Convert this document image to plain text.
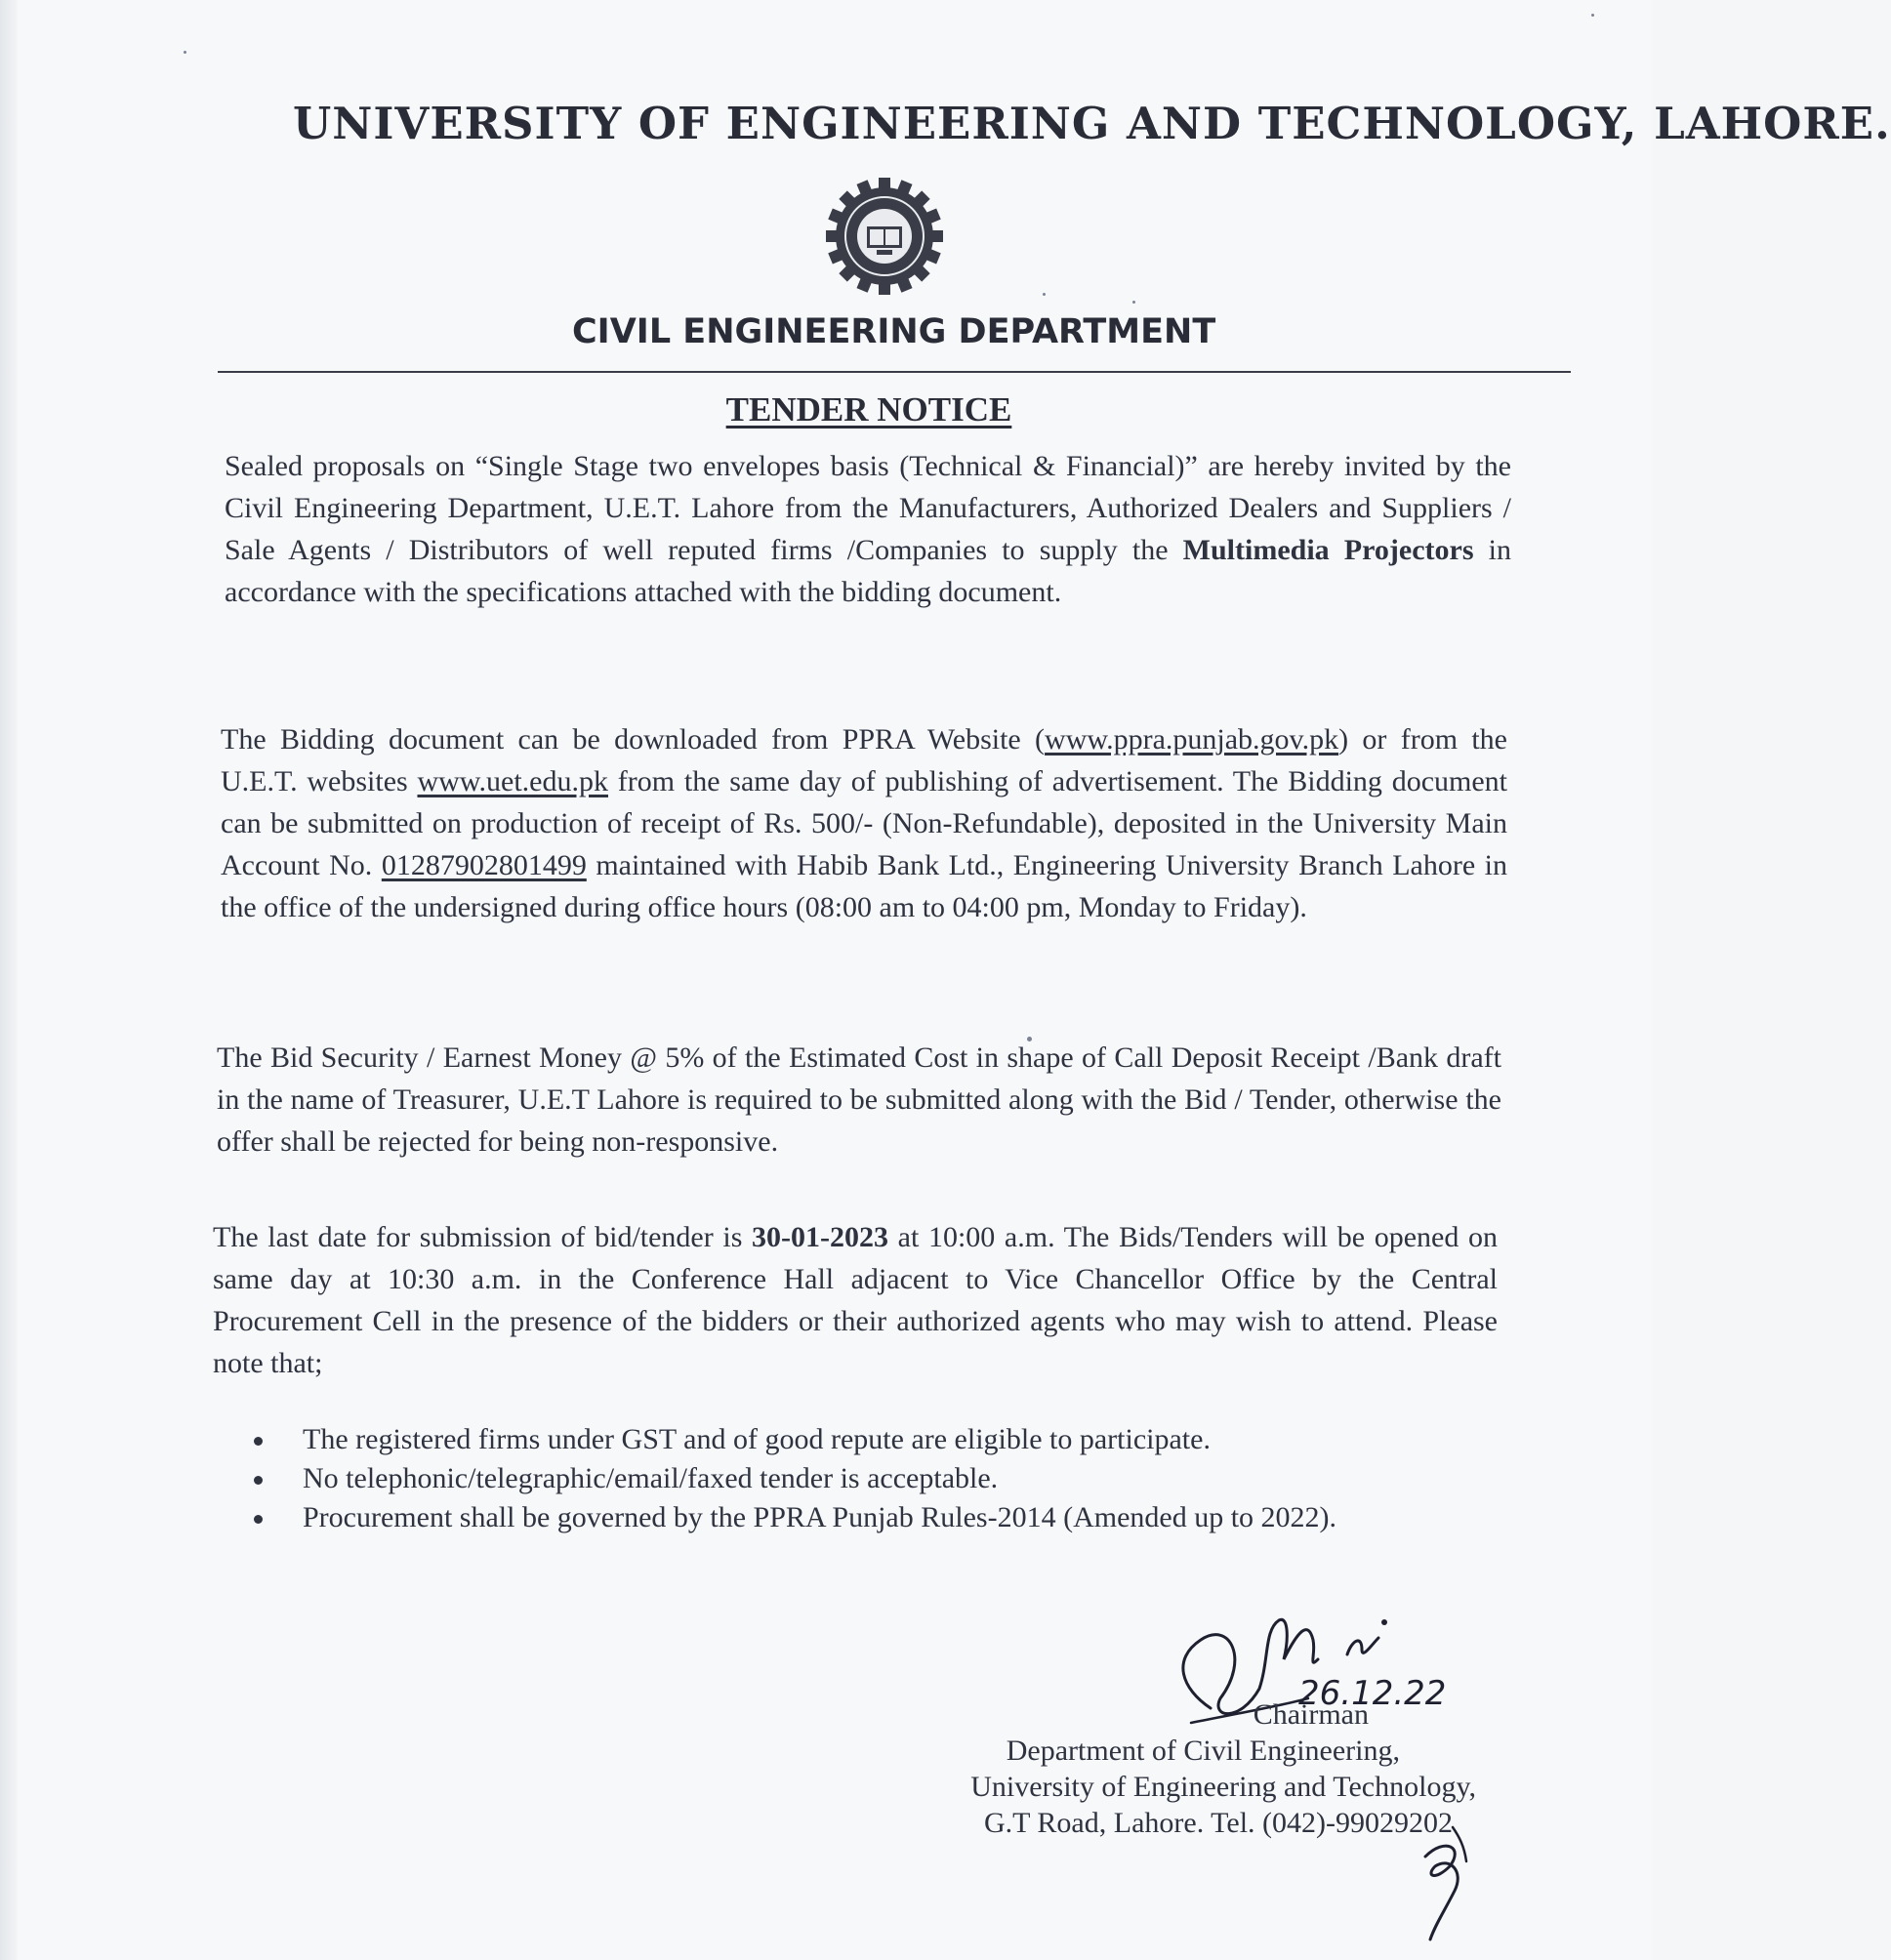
UNIVERSITY OF ENGINEERING AND TECHNOLOGY, LAHORE.
CIVIL ENGINEERING DEPARTMENT
TENDER NOTICE
Sealed proposals on “Single Stage two envelopes basis (Technical & Financial)” are hereby invited by the Civil Engineering Department, U.E.T. Lahore from the Manufacturers, Authorized Dealers and Suppliers / Sale Agents / Distributors of well reputed firms /Companies to supply the Multimedia Projectors in accordance with the specifications attached with the bidding document.
The Bidding document can be downloaded from PPRA Website (www.ppra.punjab.gov.pk) or from the U.E.T. websites www.uet.edu.pk from the same day of publishing of advertisement. The Bidding document can be submitted on production of receipt of Rs. 500/- (Non-Refundable), deposited in the University Main Account No. 01287902801499 maintained with Habib Bank Ltd., Engineering University Branch Lahore in the office of the undersigned during office hours (08:00 am to 04:00 pm, Monday to Friday).
The Bid Security / Earnest Money @ 5% of the Estimated Cost in shape of Call Deposit Receipt /Bank draft in the name of Treasurer, U.E.T Lahore is required to be submitted along with the Bid / Tender, otherwise the offer shall be rejected for being non-responsive.
The last date for submission of bid/tender is 30-01-2023 at 10:00 a.m. The Bids/Tenders will be opened on same day at 10:30 a.m. in the Conference Hall adjacent to Vice Chancellor Office by the Central Procurement Cell in the presence of the bidders or their authorized agents who may wish to attend. Please note that;
The registered firms under GST and of good repute are eligible to participate.
No telephonic/telegraphic/email/faxed tender is acceptable.
Procurement shall be governed by the PPRA Punjab Rules-2014 (Amended up to 2022).
26.12.22
Chairman
Department of Civil Engineering,
University of Engineering and Technology,
G.T Road, Lahore. Tel. (042)-99029202
